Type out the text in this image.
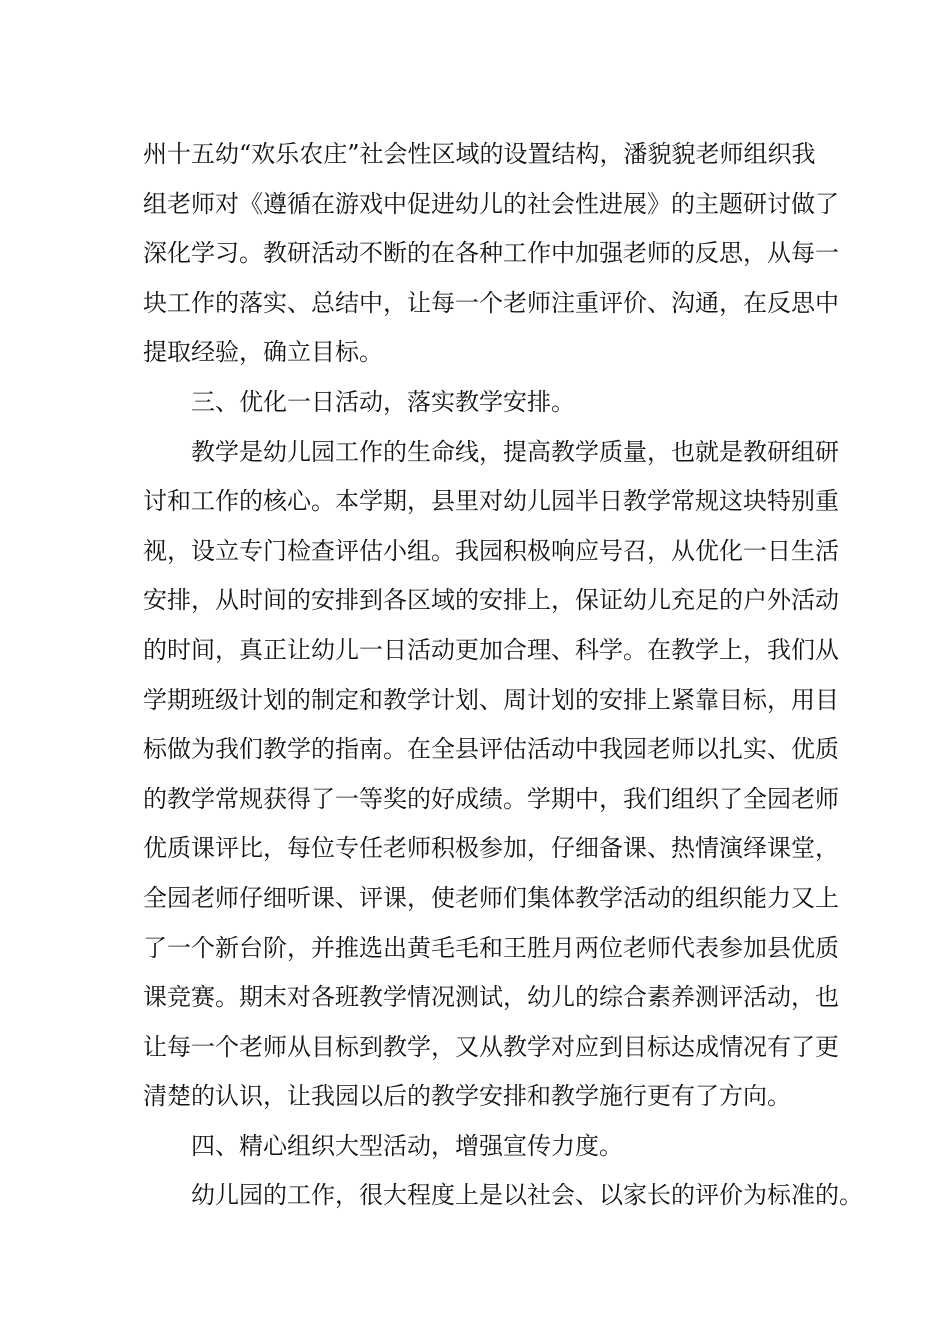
州十五幼“欢乐农庄”社会性区域的设置结构，潘貌貌老师组织我
组老师对《遵循在游戏中促进幼儿的社会性进展》的主题研讨做了
深化学习。教研活动不断的在各种工作中加强老师的反思，从每一
块工作的落实、总结中，让每一个老师注重评价、沟通，在反思中
提取经验，确立目标。
三、优化一日活动，落实教学安排。
教学是幼儿园工作的生命线，提高教学质量，也就是教研组研
讨和工作的核心。本学期，县里对幼儿园半日教学常规这块特别重
视，设立专门检查评估小组。我园积极响应号召，从优化一日生活
安排，从时间的安排到各区域的安排上，保证幼儿充足的户外活动
的时间，真正让幼儿一日活动更加合理、科学。在教学上，我们从
学期班级计划的制定和教学计划、周计划的安排上紧靠目标，用目
标做为我们教学的指南。在全县评估活动中我园老师以扎实、优质
的教学常规获得了一等奖的好成绩。学期中，我们组织了全园老师
优质课评比，每位专任老师积极参加，仔细备课、热情演绎课堂，
全园老师仔细听课、评课，使老师们集体教学活动的组织能力又上
了一个新台阶，并推选出黄毛毛和王胜月两位老师代表参加县优质
课竞赛。期末对各班教学情况测试，幼儿的综合素养测评活动，也
让每一个老师从目标到教学，又从教学对应到目标达成情况有了更
清楚的认识，让我园以后的教学安排和教学施行更有了方向。
四、精心组织大型活动，增强宣传力度。
幼儿园的工作，很大程度上是以社会、以家长的评价为标准的。
